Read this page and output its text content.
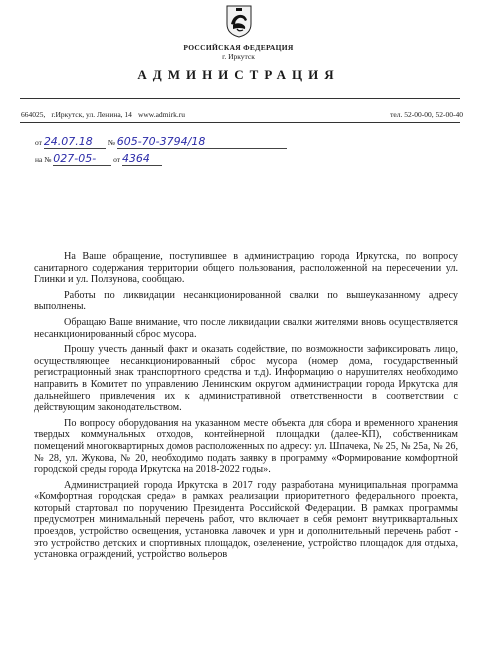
РОССИЙСКАЯ ФЕДЕРАЦИЯ
г. Иркутск
АДМИНИСТРАЦИЯ
664025, г.Иркутск, ул. Ленина, 14 www.admirk.ru	тел. 52-00-00, 52-00-40
от 24.07.18 № 605-70-3794/18
на № 027-05- от 4364

На Ваше обращение, поступившее в администрацию города Иркутска, по вопросу санитарного содержания территории общего пользования, расположенной на пересечении ул. Глинки и ул. Ползунова, сообщаю.

Работы по ликвидации несанкционированной свалки по вышеуказанному адресу выполнены.

Обращаю Ваше внимание, что после ликвидации свалки жителями вновь осуществляется несанкционированный сброс мусора.

Прошу учесть данный факт и оказать содействие, по возможности зафиксировать лицо, осуществляющее несанкционированный сброс мусора (номер дома, государственный регистрационный знак транспортного средства и т.д). Информацию о нарушителях необходимо направить в Комитет по управлению Ленинским округом администрации города Иркутска для дальнейшего привлечения их к административной ответственности в соответствии с действующим законодательством.

По вопросу оборудования на указанном месте объекта для сбора и временного хранения твердых коммунальных отходов, контейнерной площадки (далее-КП), собственникам помещений многоквартирных домов расположенных по адресу: ул. Шпачека, № 25, № 25а, № 26, № 28, ул. Жукова, № 20, необходимо подать заявку в программу «Формирование комфортной городской среды города Иркутска на 2018-2022 годы».

Администрацией города Иркутска в 2017 году разработана муниципальная программа «Комфортная городская среда» в рамках реализации приоритетного федерального проекта, который стартовал по поручению Президента Российской Федерации. В рамках программы предусмотрен минимальный перечень работ, что включает в себя ремонт внутриквартальных проездов, устройство освещения, установка лавочек и урн и дополнительный перечень работ - это устройство детских и спортивных площадок, озеленение, устройство площадок для отдыха, установка ограждений, устройство вольеров
